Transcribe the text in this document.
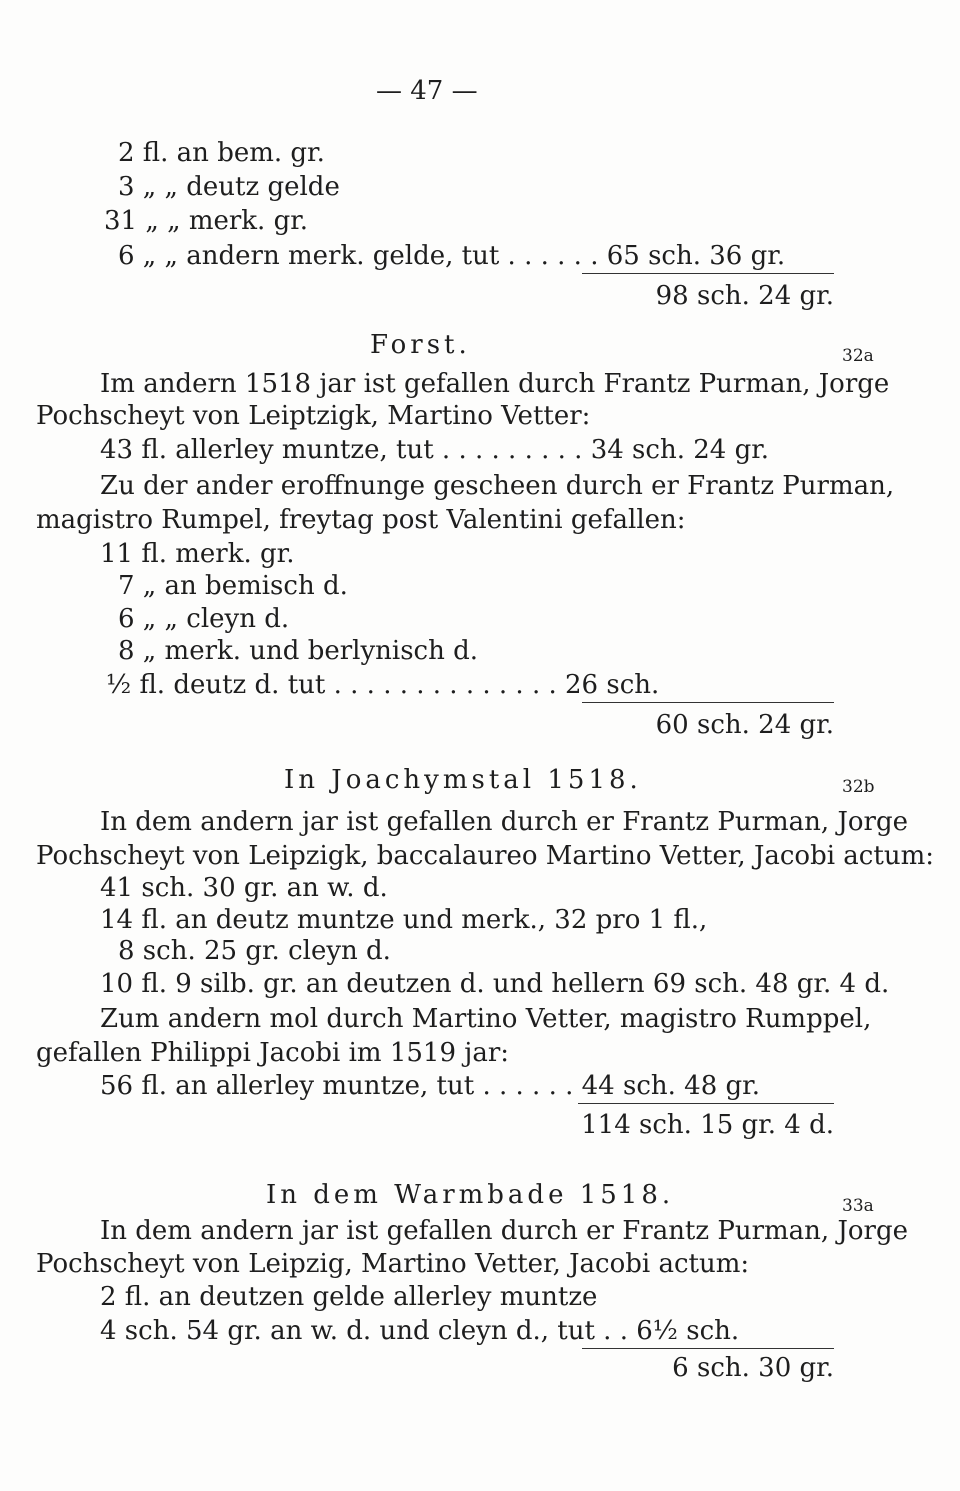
— 47 —
2 fl. an bem. gr.
3 „ „ deutz gelde
31 „ „ merk. gr.
6 „ „ andern merk. gelde, tut . . . . . . 65 sch. 36 gr.
98 sch. 24 gr.
Forst.	32a
Im andern 1518 jar ist gefallen durch Frantz Purman, Jorge
Pochscheyt von Leiptzigk, Martino Vetter:
43 fl. allerley muntze, tut . . . . . . . . . 34 sch. 24 gr.
Zu der ander eroffnunge gescheen durch er Frantz Purman,
magistro Rumpel, freytag post Valentini gefallen:
11 fl. merk. gr.
7 „ an bemisch d.
6 „ „ cleyn d.
8 „ merk. und berlynisch d.
½ fl. deutz d. tut . . . . . . . . . . . . . . 26 sch.
60 sch. 24 gr.
In Joachymstal 1518.	32b
In dem andern jar ist gefallen durch er Frantz Purman, Jorge
Pochscheyt von Leipzigk, baccalaureo Martino Vetter, Jacobi actum:
41 sch. 30 gr. an w. d.
14 fl. an deutz muntze und merk., 32 pro 1 fl.,
8 sch. 25 gr. cleyn d.
10 fl. 9 silb. gr. an deutzen d. und hellern 69 sch. 48 gr. 4 d.
Zum andern mol durch Martino Vetter, magistro Rumppel,
gefallen Philippi Jacobi im 1519 jar:
56 fl. an allerley muntze, tut . . . . . . 44 sch. 48 gr.
114 sch. 15 gr. 4 d.
In dem Warmbade 1518.	33a
In dem andern jar ist gefallen durch er Frantz Purman, Jorge
Pochscheyt von Leipzig, Martino Vetter, Jacobi actum:
2 fl. an deutzen gelde allerley muntze
4 sch. 54 gr. an w. d. und cleyn d., tut . . 6½ sch.
6 sch. 30 gr.
